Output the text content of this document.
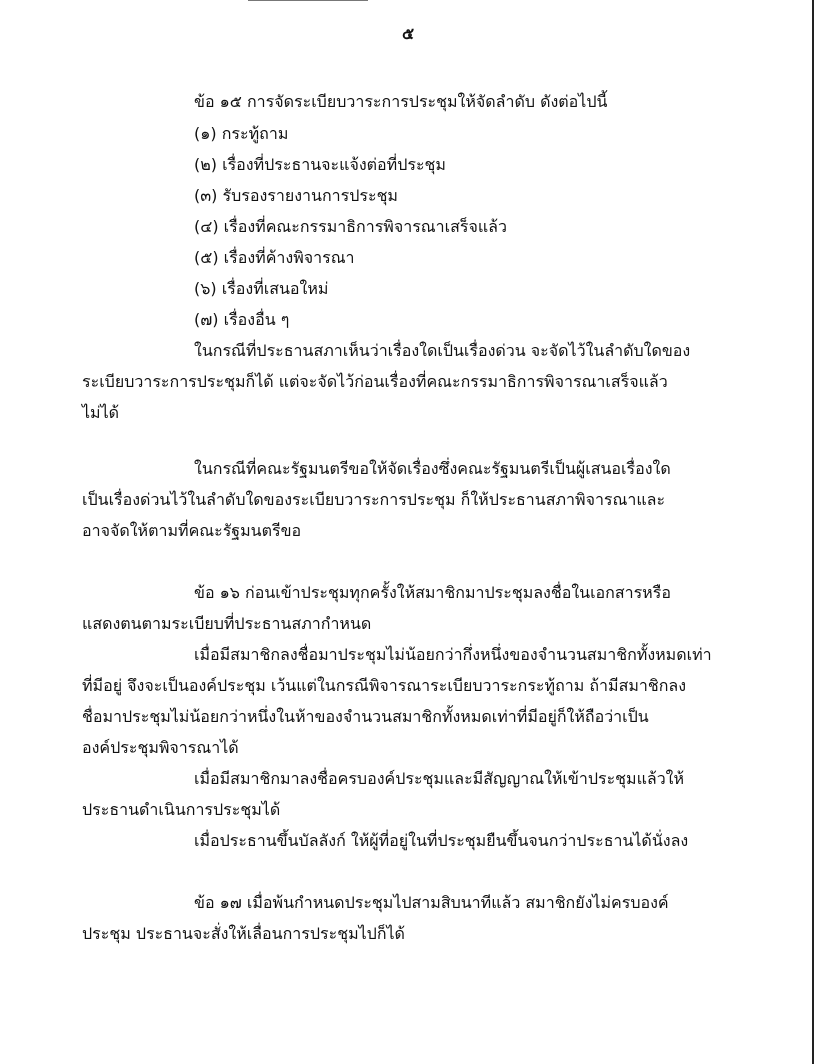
๕
ข้อ ๑๕ การจัดระเบียบวาระการประชุมให้จัดลำดับ ดังต่อไปนี้
(๑) กระทู้ถาม
(๒) เรื่องที่ประธานจะแจ้งต่อที่ประชุม
(๓) รับรองรายงานการประชุม
(๔) เรื่องที่คณะกรรมาธิการพิจารณาเสร็จแล้ว
(๕) เรื่องที่ค้างพิจารณา
(๖) เรื่องที่เสนอใหม่
(๗) เรื่องอื่น ๆ
ในกรณีที่ประธานสภาเห็นว่าเรื่องใดเป็นเรื่องด่วน จะจัดไว้ในลำดับใดของ
ระเบียบวาระการประชุมก็ได้ แต่จะจัดไว้ก่อนเรื่องที่คณะกรรมาธิการพิจารณาเสร็จแล้ว
ไม่ได้
ในกรณีที่คณะรัฐมนตรีขอให้จัดเรื่องซึ่งคณะรัฐมนตรีเป็นผู้เสนอเรื่องใด
เป็นเรื่องด่วนไว้ในลำดับใดของระเบียบวาระการประชุม ก็ให้ประธานสภาพิจารณาและ
อาจจัดให้ตามที่คณะรัฐมนตรีขอ
ข้อ ๑๖ ก่อนเข้าประชุมทุกครั้งให้สมาชิกมาประชุมลงชื่อในเอกสารหรือ
แสดงตนตามระเบียบที่ประธานสภากำหนด
เมื่อมีสมาชิกลงชื่อมาประชุมไม่น้อยกว่ากึ่งหนึ่งของจำนวนสมาชิกทั้งหมดเท่า
ที่มีอยู่ จึงจะเป็นองค์ประชุม เว้นแต่ในกรณีพิจารณาระเบียบวาระกระทู้ถาม ถ้ามีสมาชิกลง
ชื่อมาประชุมไม่น้อยกว่าหนึ่งในห้าของจำนวนสมาชิกทั้งหมดเท่าที่มีอยู่ก็ให้ถือว่าเป็น
องค์ประชุมพิจารณาได้
เมื่อมีสมาชิกมาลงชื่อครบองค์ประชุมและมีสัญญาณให้เข้าประชุมแล้วให้
ประธานดำเนินการประชุมได้
เมื่อประธานขึ้นบัลลังก์ ให้ผู้ที่อยู่ในที่ประชุมยืนขึ้นจนกว่าประธานได้นั่งลง
ข้อ ๑๗ เมื่อพ้นกำหนดประชุมไปสามสิบนาทีแล้ว สมาชิกยังไม่ครบองค์
ประชุม ประธานจะสั่งให้เลื่อนการประชุมไปก็ได้
